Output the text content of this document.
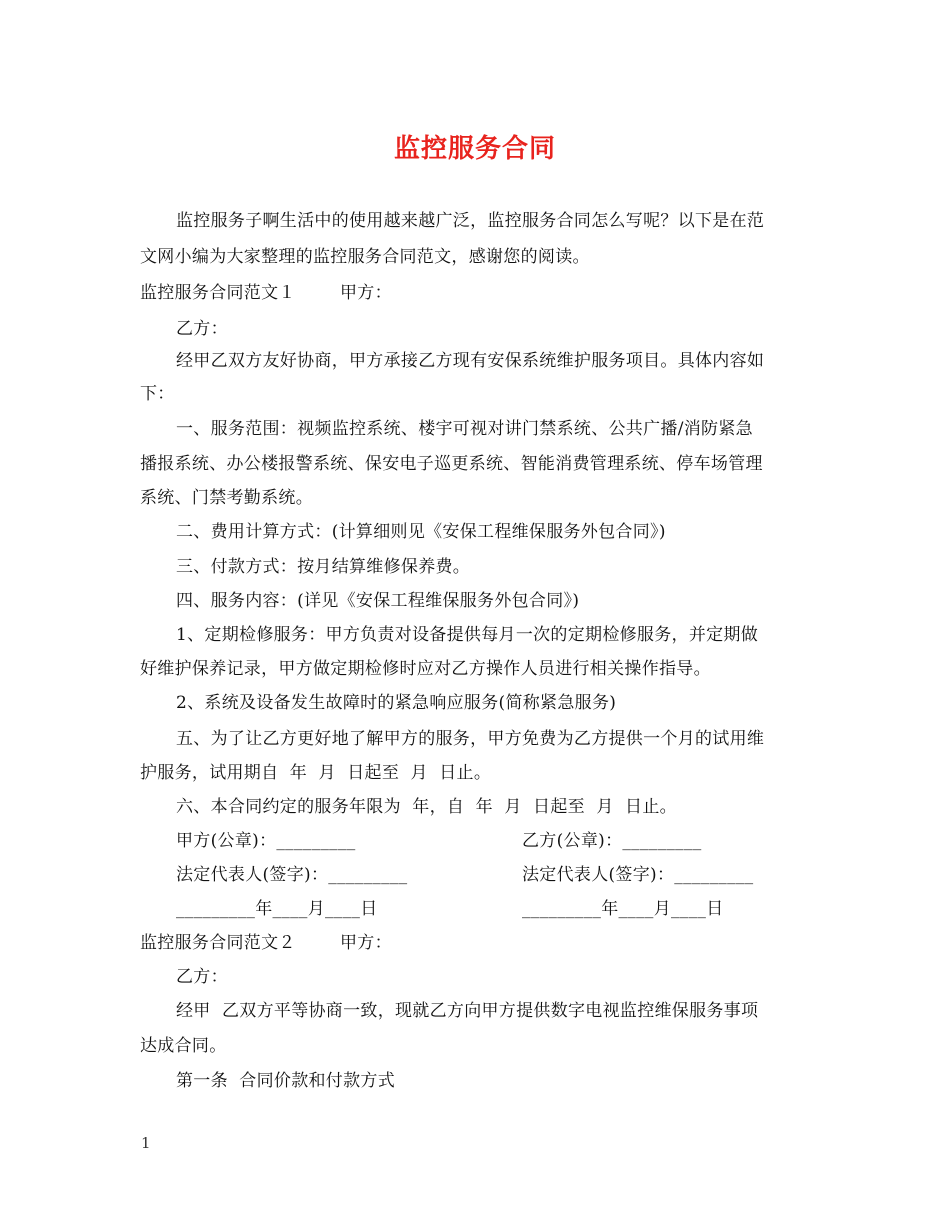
监控服务合同
监控服务子啊生活中的使用越来越广泛，监控服务合同怎么写呢？以下是在范
文网小编为大家整理的监控服务合同范文，感谢您的阅读。
监控服务合同范文１	甲方：
乙方：
经甲乙双方友好协商，甲方承接乙方现有安保系统维护服务项目。具体内容如
下：
一、服务范围：视频监控系统、楼宇可视对讲门禁系统、公共广播/消防紧急
播报系统、办公楼报警系统、保安电子巡更系统、智能消费管理系统、停车场管理
系统、门禁考勤系统。
二、费用计算方式：(计算细则见《安保工程维保服务外包合同》)
三、付款方式：按月结算维修保养费。
四、服务内容：(详见《安保工程维保服务外包合同》)
1、定期检修服务：甲方负责对设备提供每月一次的定期检修服务，并定期做
好维护保养记录，甲方做定期检修时应对乙方操作人员进行相关操作指导。
2、系统及设备发生故障时的紧急响应服务(简称紧急服务)
五、为了让乙方更好地了解甲方的服务，甲方免费为乙方提供一个月的试用维
护服务，试用期自  年  月  日起至  月  日止。
六、本合同约定的服务年限为  年，自  年  月  日起至  月  日止。
甲方(公章)：_________	乙方(公章)：_________
法定代表人(签字)：_________	法定代表人(签字)：_________
_________年____月____日	_________年____月____日
监控服务合同范文２	甲方：
乙方：
经甲  乙双方平等协商一致，现就乙方向甲方提供数字电视监控维保服务事项
达成合同。
第一条  合同价款和付款方式
1
